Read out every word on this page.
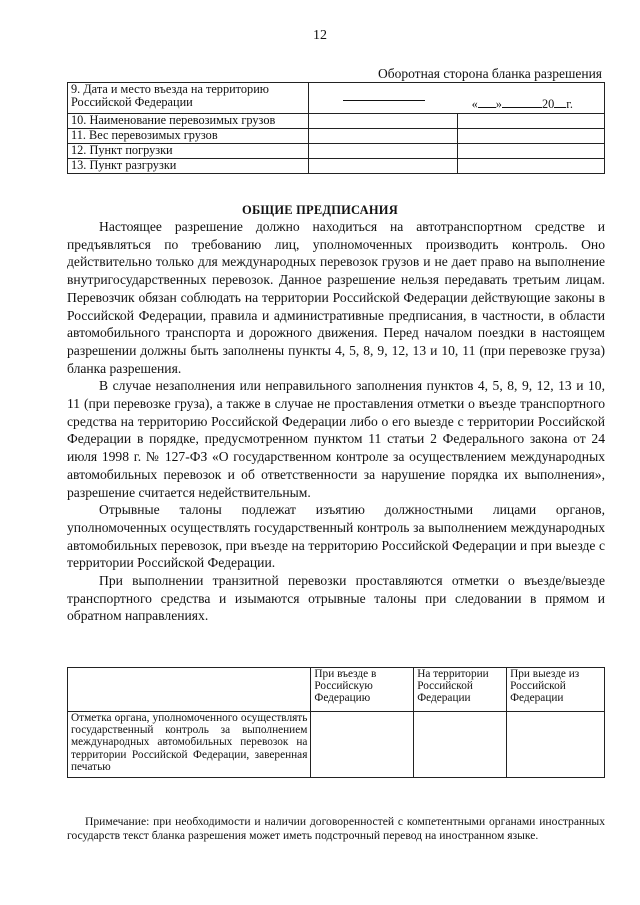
12
Оборотная сторона бланка разрешения
9. Дата и место въезда на территорию Российской Федерации	« » 20 г.	

10. Наименование перевозимых грузов		
11. Вес перевозимых грузов		
12. Пункт погрузки		
13. Пункт разгрузки		
ОБЩИЕ ПРЕДПИСАНИЯ

Настоящее разрешение должно находиться на автотранспортном средстве и предъявляться по требованию лиц, уполномоченных производить контроль. Оно действительно только для международных перевозок грузов и не дает право на выполнение внутригосударственных перевозок. Данное разрешение нельзя передавать третьим лицам. Перевозчик обязан соблюдать на территории Российской Федерации действующие законы в Российской Федерации, правила и административные предписания, в частности, в области автомобильного транспорта и дорожного движения. Перед началом поездки в настоящем разрешении должны быть заполнены пункты 4, 5, 8, 9, 12, 13 и 10, 11 (при перевозке груза) бланка разрешения.

В случае незаполнения или неправильного заполнения пунктов 4, 5, 8, 9, 12, 13 и 10, 11 (при перевозке груза), а также в случае не проставления отметки о въезде транспортного средства на территорию Российской Федерации либо о его выезде с территории Российской Федерации в порядке, предусмотренном пунктом 11 статьи 2 Федерального закона от 24 июля 1998 г. № 127-ФЗ «О государственном контроле за осуществлением международных автомобильных перевозок и об ответственности за нарушение порядка их выполнения», разрешение считается недействительным.

Отрывные талоны подлежат изъятию должностными лицами органов, уполномоченных осуществлять государственный контроль за выполнением международных автомобильных перевозок, при въезде на территорию Российской Федерации и при выезде с территории Российской Федерации.

При выполнении транзитной перевозки проставляются отметки о въезде/выезде транспортного средства и изымаются отрывные талоны при следовании в прямом и обратном направлениях.

	При въезде в Российскую Федерацию	На территории Российской Федерации	При выезде из Российской Федерации
Отметка органа, уполномоченного осуществлять государственный контроль за выполнением международных автомобильных перевозок на территории Российской Федерации, заверенная печатью			
Примечание: при необходимости и наличии договоренностей с компетентными органами иностранных государств текст бланка разрешения может иметь подстрочный перевод на иностранном языке.
